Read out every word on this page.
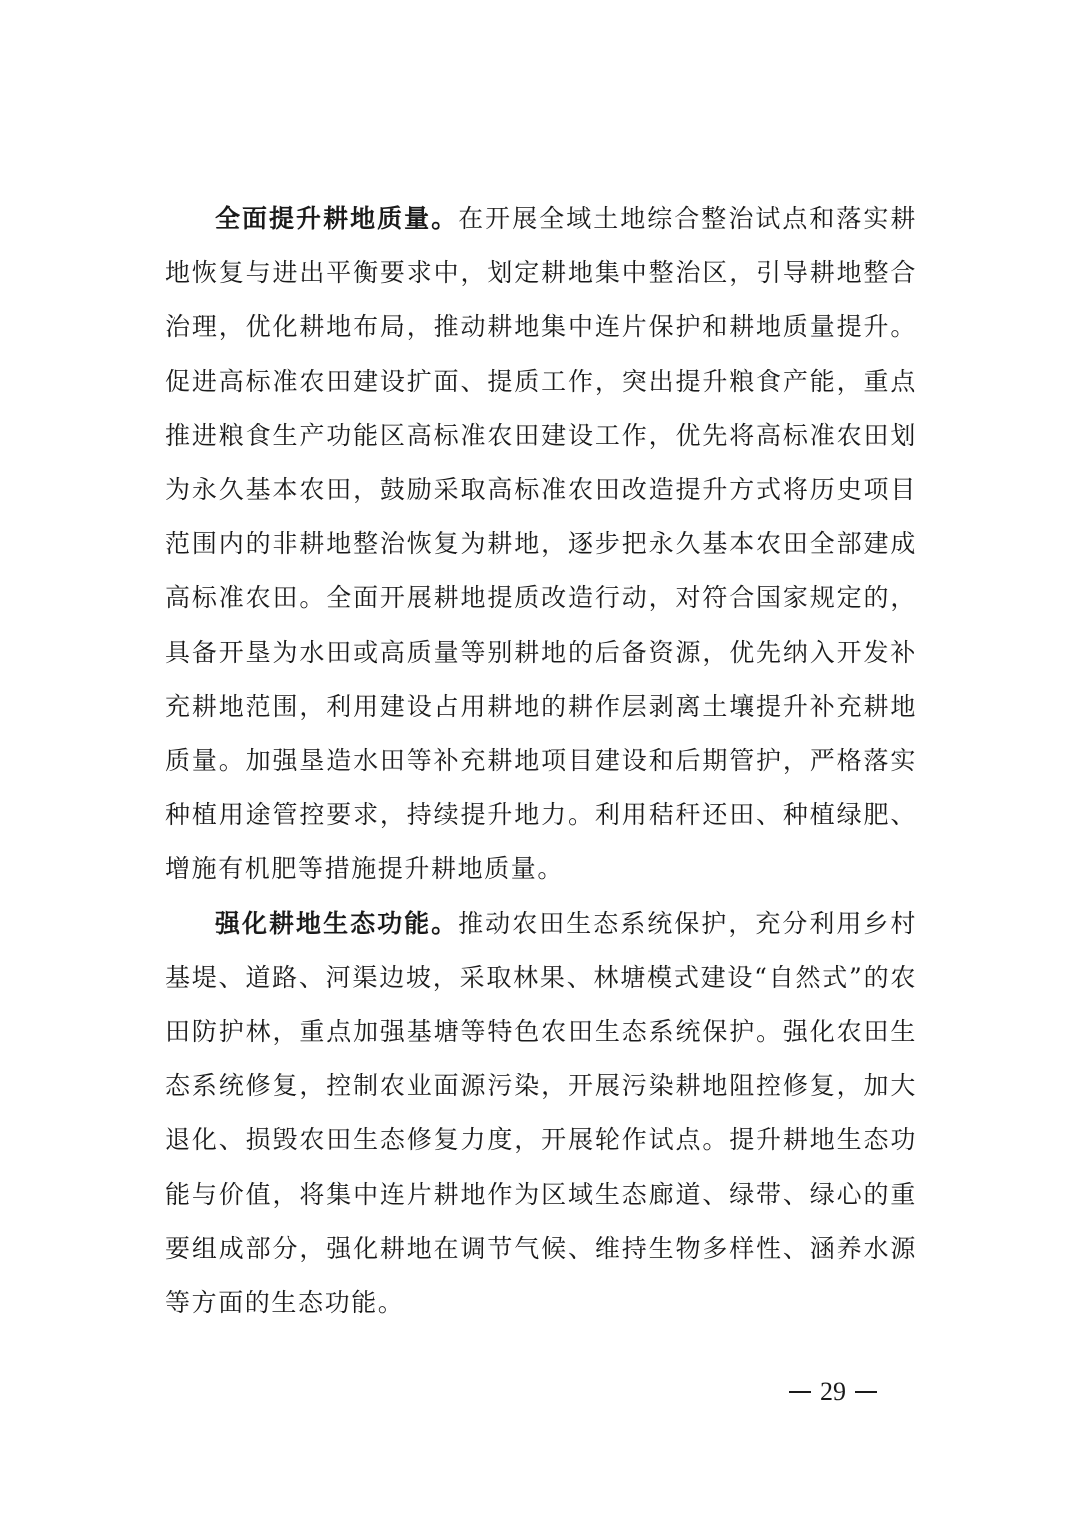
全面提升耕地质量。在开展全域土地综合整治试点和落实耕地恢复与进出平衡要求中，划定耕地集中整治区，引导耕地整合治理，优化耕地布局，推动耕地集中连片保护和耕地质量提升。促进高标准农田建设扩面、提质工作，突出提升粮食产能，重点推进粮食生产功能区高标准农田建设工作，优先将高标准农田划为永久基本农田，鼓励采取高标准农田改造提升方式将历史项目范围内的非耕地整治恢复为耕地，逐步把永久基本农田全部建成高标准农田。全面开展耕地提质改造行动，对符合国家规定的，具备开垦为水田或高质量等别耕地的后备资源，优先纳入开发补充耕地范围，利用建设占用耕地的耕作层剥离土壤提升补充耕地质量。加强垦造水田等补充耕地项目建设和后期管护，严格落实种植用途管控要求，持续提升地力。利用秸秆还田、种植绿肥、增施有机肥等措施提升耕地质量。

强化耕地生态功能。推动农田生态系统保护，充分利用乡村基堤、道路、河渠边坡，采取林果、林塘模式建设“自然式”的农田防护林，重点加强基塘等特色农田生态系统保护。强化农田生态系统修复，控制农业面源污染，开展污染耕地阻控修复，加大退化、损毁农田生态修复力度，开展轮作试点。提升耕地生态功能与价值，将集中连片耕地作为区域生态廊道、绿带、绿心的重要组成部分，强化耕地在调节气候、维持生物多样性、涵养水源等方面的生态功能。

29
